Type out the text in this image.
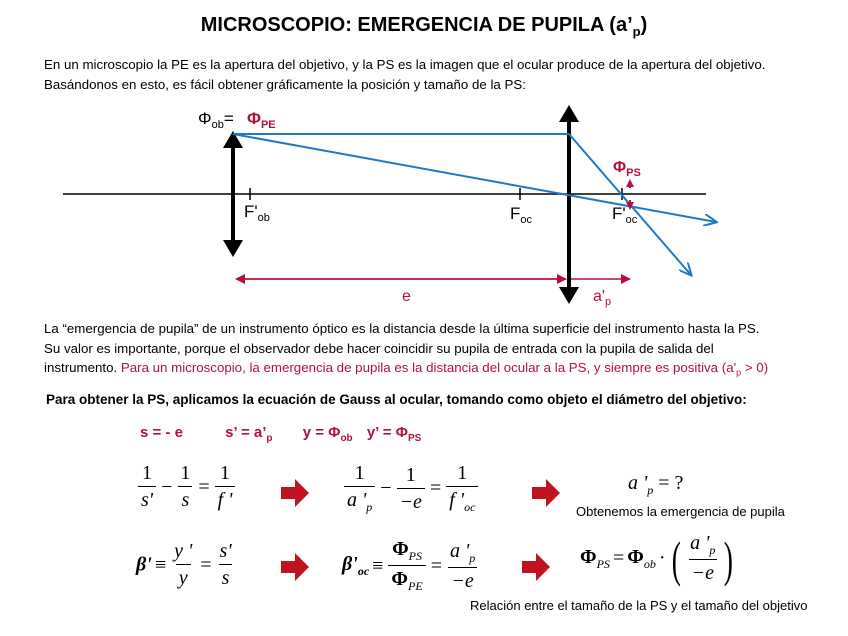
MICROSCOPIO: EMERGENCIA DE PUPILA $(a’_p)$
En un microscopio la PE es la apertura del objetivo, y la PS es la imagen que el ocular produce de la apertura del objetivo.
Basándonos en esto, es fácil obtener gráficamente la posición y tamaño de la PS:
$\Phi_{ob}= \Phi_{PE}$
$\Phi_{PS}$
$F'_{ob}$	$F_{oc}$	$F'_{oc}$
e	$a'_p$
La “emergencia de pupila” de un instrumento óptico es la distancia desde la última superficie del instrumento hasta la PS.
Su valor es importante, porque el observador debe hacer coincidir su pupila de entrada con la pupila de salida del
instrumento. Para un microscopio, la emergencia de pupila es la distancia del ocular a la PS, y siempre es positiva $(a'_p > 0)$
Para obtener la PS, aplicamos la ecuación de Gauss al ocular, tomando como objeto el diámetro del objetivo:
s = - e	s’ = $a’_p$ $y = \Phi_{ob}$ y’ = $\Phi_{PS}$
$\frac{1}{s'} - \frac{1}{s} = \frac{1}{f '}$	$\frac{1}{a '_p} - \frac{1}{-e} = \frac{1}{f '_{oc}}$	a '$_p$ = ?
Obtenemos la emergencia de pupila
$\beta' \equiv \frac{y '}{y} = \frac{s'}{s}$	$\beta'_{oc} \equiv \frac{\Phi_{PS}}{\Phi_{PE}} = \frac{a '_p}{-e}$	$\Phi_{PS} = \Phi_{ob}$ · ( $\frac{a '_p}{-e}$ )
Relación entre el tamaño de la PS y el tamaño del objetivo
